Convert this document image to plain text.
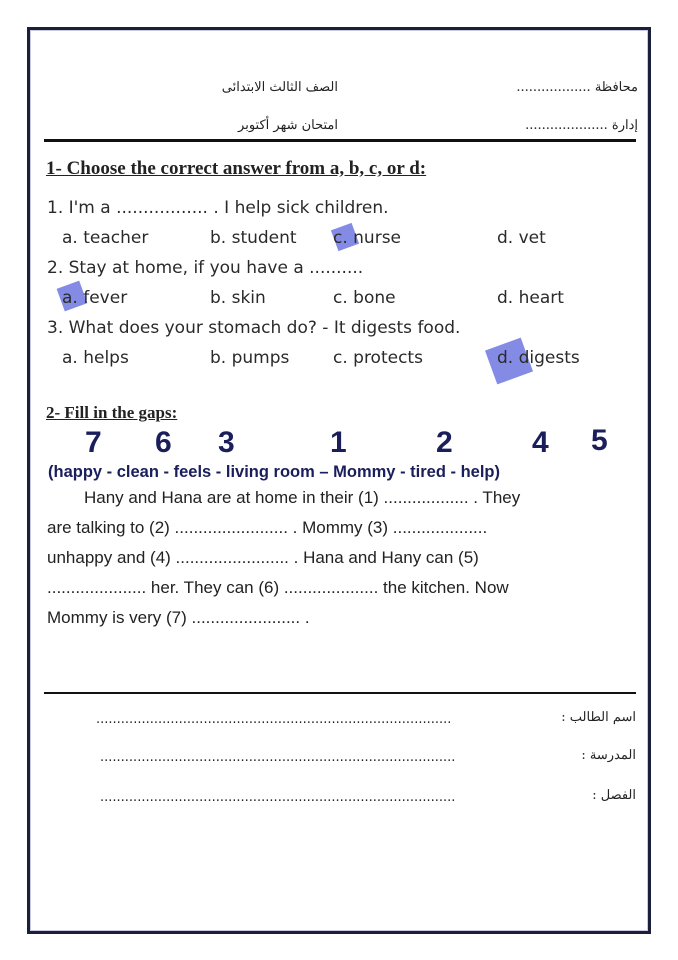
الصف الثالث الابتدائى	محافظة ..................
امتحان شهر أكتوبر	إدارة ....................
1- Choose the correct answer from a, b, c, or d:
1. I'm a ................. . I help sick children.
a. teacher	b. student c. nurse	d. vet
2. Stay at home, if you have a ..........
a. fever	b. skin	c. bone	d. heart
3. What does your stomach do? - It digests food.
a. helps	b. pumps	c. protects	d. digests
2- Fill in the gaps:
7 6 3	1	2	4 5
(happy - clean - feels - living room – Mommy - tired - help)
Hany and Hana are at home in their (1) .................. . They
are talking to (2) ........................ . Mommy (3) ....................
unhappy and (4) ........................ . Hana and Hany can (5)
..................... her. They can (6) .................... the kitchen. Now
Mommy is very (7) ....................... .
اسم الطالب :
......................................................................................
المدرسة :
......................................................................................
الفصل :
......................................................................................
